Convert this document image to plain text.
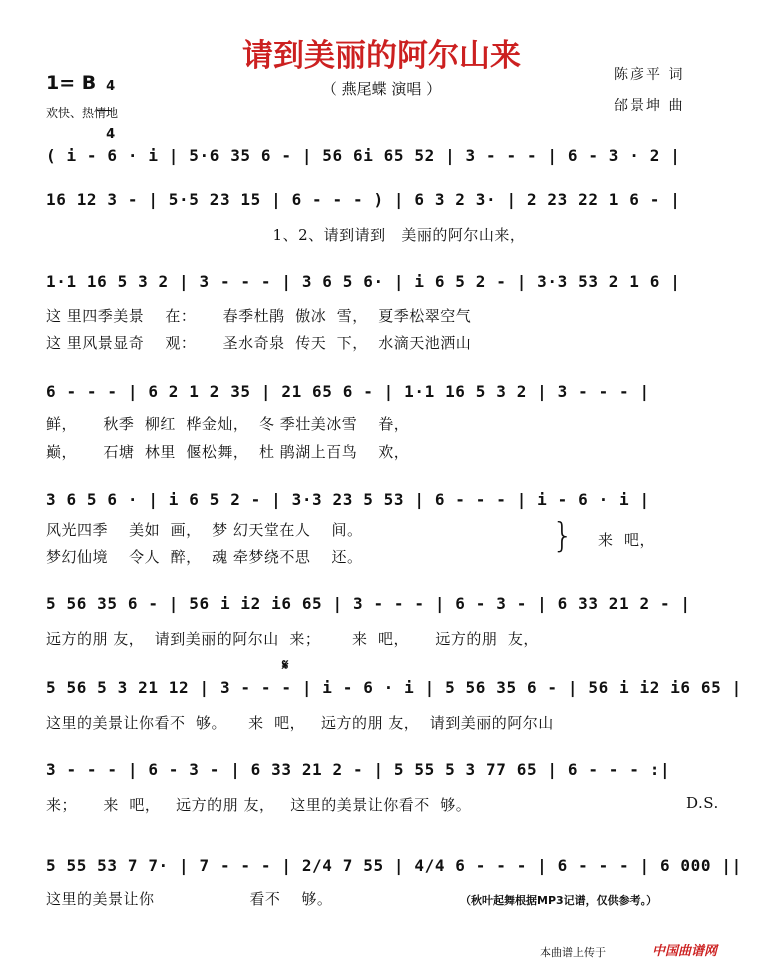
请到美丽的阿尔山来
（ 燕尾蝶 演唱 ）
1= B 4

4

欢快、热情地
陈彦平 词
邰景坤 曲
( i - 6 · i | 5·6 35 6 - | 56 6i 65 52 | 3 - - - | 6 - 3 · 2 |
16 12 3 - | 5·5 23 15 | 6 - - - ) | 6 3 2 3· | 2 23 22 1 6 - |
1、2、请到请到   美丽的阿尔山来，
1·1 16 5 3 2 | 3 - - - | 3 6 5 6· | i 6 5 2 - | 3·3 53 2 1 6 |
这 里四季美景    在：     春季杜鹃  傲冰  雪，  夏季松翠空气
这 里风景显奇    观：     圣水奇泉  传天  下，  水滴天池洒山
6 - - - | 6 2 1 2 35 | 21 65 6 - | 1·1 16 5 3 2 | 3 - - - |
鲜，     秋季  柳红  桦金灿，  冬 季壮美冰雪    眷，
巅，     石塘  林里  偃松舞，  杜 鹃湖上百鸟    欢，
3 6 5 6 · | i 6 5 2 - | 3·3 23 5 53 | 6 - - - | i - 6 · i |
风光四季    美如  画，  梦 幻天堂在人    间。
梦幻仙境    令人  醉，  魂 牵梦绕不思    还。
} 来  吧，
5 56 35 6 - | 56 i i2 i6 65 | 3 - - - | 6 - 3 - | 6 33 21 2 - |
远方的朋 友，  请到美丽的阿尔山  来；      来  吧，     远方的朋  友，
𝄋
5 56 5 3 21 12 | 3 - - - | i - 6 · i | 5 56 35 6 - | 56 i i2 i6 65 |
这里的美景让你看不  够。    来  吧，   远方的朋 友，  请到美丽的阿尔山
3 - - - | 6 - 3 - | 6 33 21 2 - | 5 55 5 3 77 65 | 6 - - - :|
来；     来  吧，   远方的朋 友，   这里的美景让你看不  够。	D.S.
5 55 53 7 7· | 7 - - - | 2/4 7 55 | 4/4 6 - - - | 6 - - - | 6 000 ||
这里的美景让你                  看不    够。	（秋叶起舞根据MP3记谱，仅供参考。）
本曲谱上传于	中国曲谱网
